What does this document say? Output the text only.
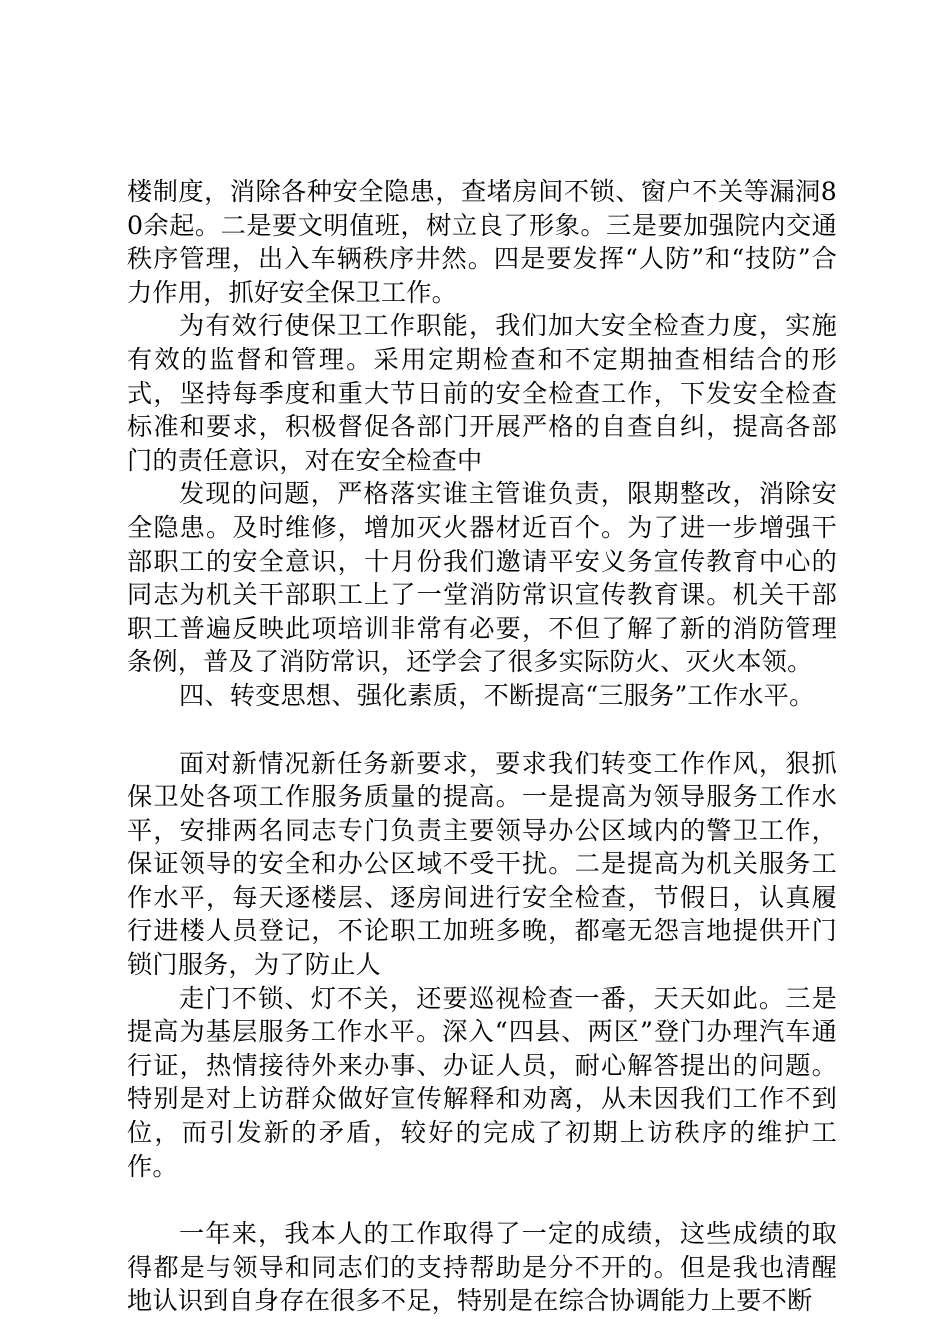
楼制度，消除各种安全隐患，查堵房间不锁、窗户不关等漏洞80余起。二是要文明值班，树立良了形象。三是要加强院内交通秩序管理，出入车辆秩序井然。四是要发挥“人防”和“技防”合力作用，抓好安全保卫工作。

为有效行使保卫工作职能，我们加大安全检查力度，实施有效的监督和管理。采用定期检查和不定期抽查相结合的形式，坚持每季度和重大节日前的安全检查工作，下发安全检查标准和要求，积极督促各部门开展严格的自查自纠，提高各部门的责任意识，对在安全检查中

发现的问题，严格落实谁主管谁负责，限期整改，消除安全隐患。及时维修，增加灭火器材近百个。为了进一步增强干部职工的安全意识，十月份我们邀请平安义务宣传教育中心的同志为机关干部职工上了一堂消防常识宣传教育课。机关干部职工普遍反映此项培训非常有必要，不但了解了新的消防管理条例，普及了消防常识，还学会了很多实际防火、灭火本领。

四、转变思想、强化素质，不断提高“三服务”工作水平。

面对新情况新任务新要求，要求我们转变工作作风，狠抓保卫处各项工作服务质量的提高。一是提高为领导服务工作水平，安排两名同志专门负责主要领导办公区域内的警卫工作，保证领导的安全和办公区域不受干扰。二是提高为机关服务工作水平，每天逐楼层、逐房间进行安全检查，节假日，认真履行进楼人员登记，不论职工加班多晚，都毫无怨言地提供开门锁门服务，为了防止人

走门不锁、灯不关，还要巡视检查一番，天天如此。三是提高为基层服务工作水平。深入“四县、两区”登门办理汽车通行证，热情接待外来办事、办证人员，耐心解答提出的问题。特别是对上访群众做好宣传解释和劝离，从未因我们工作不到位，而引发新的矛盾，较好的完成了初期上访秩序的维护工作。

一年来，我本人的工作取得了一定的成绩，这些成绩的取得都是与领导和同志们的支持帮助是分不开的。但是我也清醒地认识到自身存在很多不足，特别是在综合协调能力上要不断
